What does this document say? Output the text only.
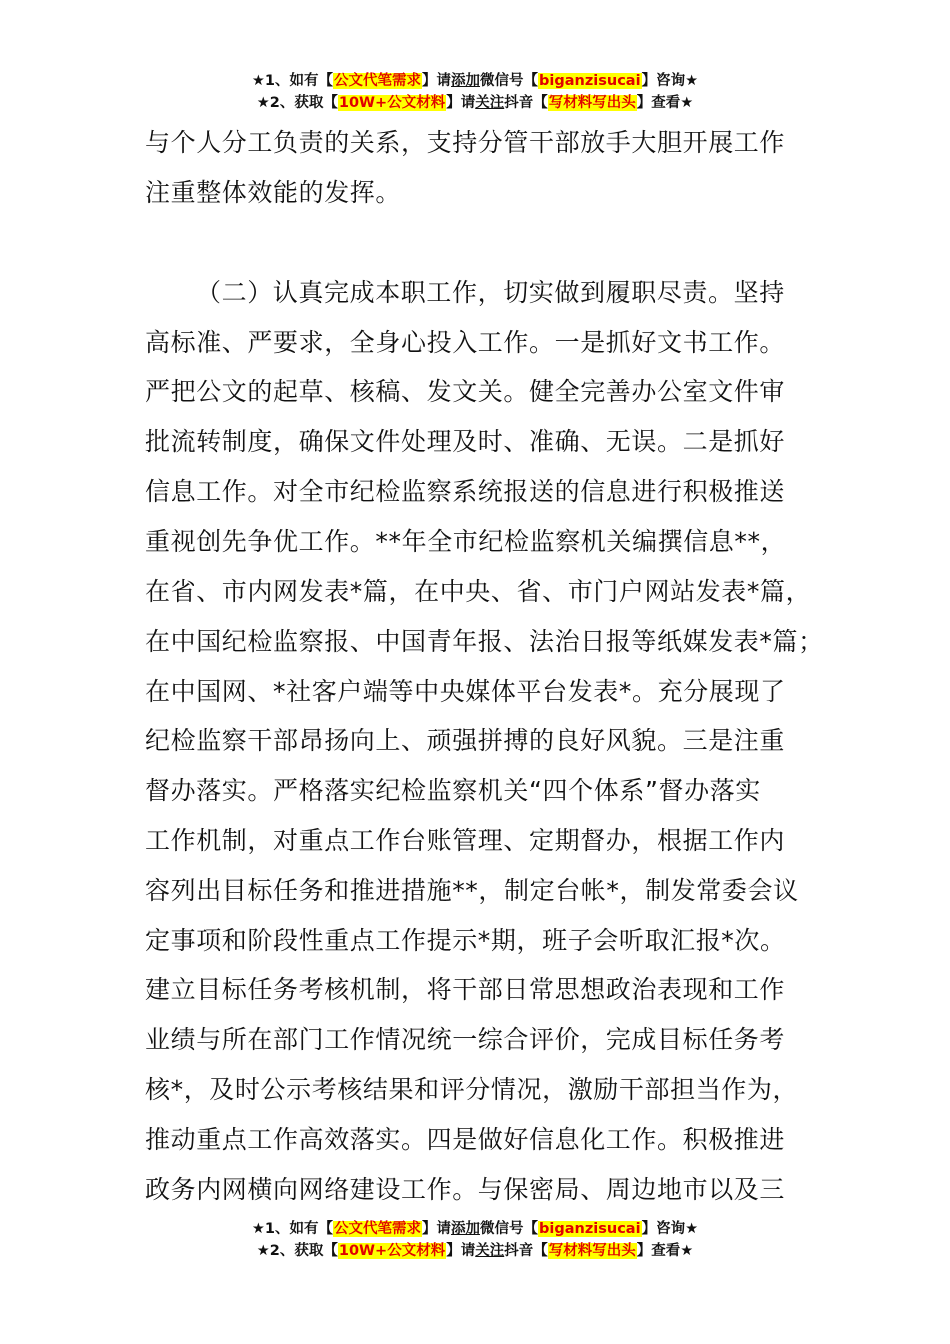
★1、如有【公文代笔需求】请添加微信号【biganzisucai】咨询★
★2、获取【10W+公文材料】请关注抖音【写材料写出头】查看★
与个人分工负责的关系，支持分管干部放手大胆开展工作
注重整体效能的发挥。
（二）认真完成本职工作，切实做到履职尽责。坚持
高标准、严要求，全身心投入工作。一是抓好文书工作。
严把公文的起草、核稿、发文关。健全完善办公室文件审
批流转制度，确保文件处理及时、准确、无误。二是抓好
信息工作。对全市纪检监察系统报送的信息进行积极推送
重视创先争优工作。**年全市纪检监察机关编撰信息**，
在省、市内网发表*篇，在中央、省、市门户网站发表*篇，
在中国纪检监察报、中国青年报、法治日报等纸媒发表*篇；
在中国网、*社客户端等中央媒体平台发表*。充分展现了
纪检监察干部昂扬向上、顽强拼搏的良好风貌。三是注重
督办落实。严格落实纪检监察机关“四个体系”督办落实
工作机制，对重点工作台账管理、定期督办，根据工作内
容列出目标任务和推进措施**，制定台帐*，制发常委会议
定事项和阶段性重点工作提示*期，班子会听取汇报*次。
建立目标任务考核机制，将干部日常思想政治表现和工作
业绩与所在部门工作情况统一综合评价，完成目标任务考
核*，及时公示考核结果和评分情况，激励干部担当作为，
推动重点工作高效落实。四是做好信息化工作。积极推进
政务内网横向网络建设工作。与保密局、周边地市以及三
★1、如有【公文代笔需求】请添加微信号【biganzisucai】咨询★
★2、获取【10W+公文材料】请关注抖音【写材料写出头】查看★
